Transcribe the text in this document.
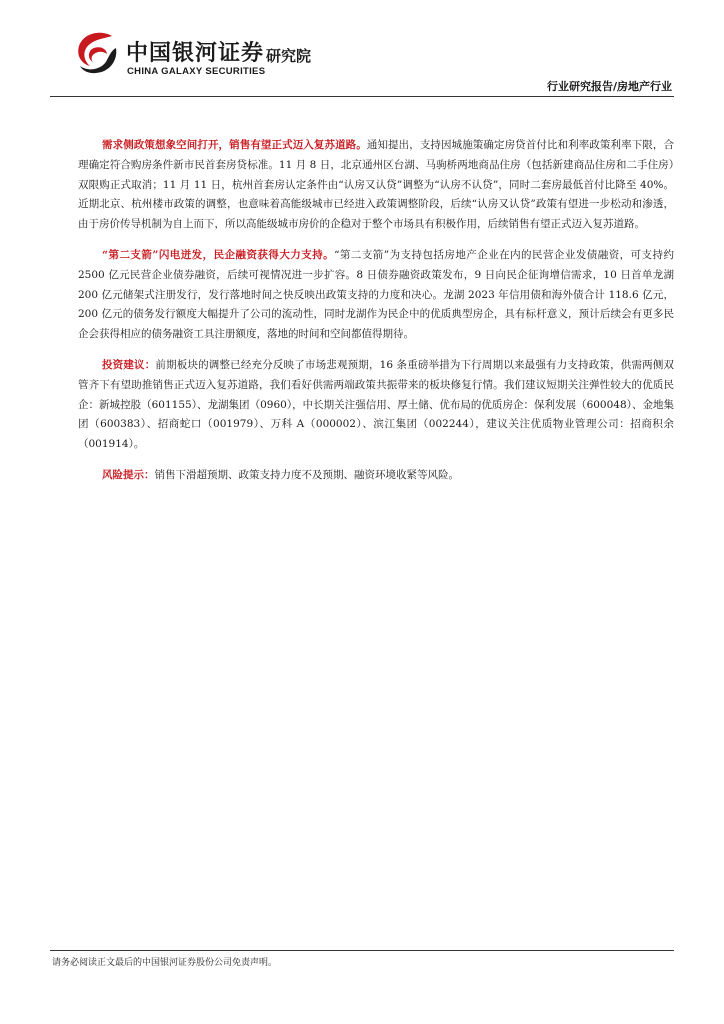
中国银河证券
CHINA GALAXY SECURITIES
研究院
行业研究报告/房地产行业

需求侧政策想象空间打开，销售有望正式迈入复苏道路。通知提出，支持因城施策确定房贷首付比和利率政策利率下限，合理确定符合购房条件新市民首套房贷标准。11 月 8 日，北京通州区台湖、马驹桥两地商品住房（包括新建商品住房和二手住房）双限购正式取消；11 月 11 日，杭州首套房认定条件由“认房又认贷”调整为“认房不认贷”，同时二套房最低首付比降至 40%。近期北京、杭州楼市政策的调整，也意味着高能级城市已经进入政策调整阶段，后续“认房又认贷”政策有望进一步松动和渗透，由于房价传导机制为自上而下，所以高能级城市房价的企稳对于整个市场具有积极作用，后续销售有望正式迈入复苏道路。

“第二支箭”闪电迸发，民企融资获得大力支持。“第二支箭”为支持包括房地产企业在内的民营企业发债融资，可支持约 2500 亿元民营企业债券融资，后续可视情况进一步扩容。8 日债券融资政策发布，9 日向民企征询增信需求，10 日首单龙湖 200 亿元储架式注册发行，发行落地时间之快反映出政策支持的力度和决心。龙湖 2023 年信用债和海外债合计 118.6 亿元，200 亿元的债务发行额度大幅提升了公司的流动性，同时龙湖作为民企中的优质典型房企，具有标杆意义，预计后续会有更多民企会获得相应的债务融资工具注册额度，落地的时间和空间都值得期待。

投资建议：前期板块的调整已经充分反映了市场悲观预期，16 条重磅举措为下行周期以来最强有力支持政策，供需两侧双管齐下有望助推销售正式迈入复苏道路，我们看好供需两端政策共振带来的板块修复行情。我们建议短期关注弹性较大的优质民企：新城控股（601155）、龙湖集团（0960），中长期关注强信用、厚土储、优布局的优质房企：保利发展（600048）、金地集团（600383）、招商蛇口（001979）、万科 A（000002）、滨江集团（002244），建议关注优质物业管理公司：招商积余（001914）。

风险提示：销售下滑超预期、政策支持力度不及预期、融资环境收紧等风险。

请务必阅读正文最后的中国银河证券股份公司免责声明。
